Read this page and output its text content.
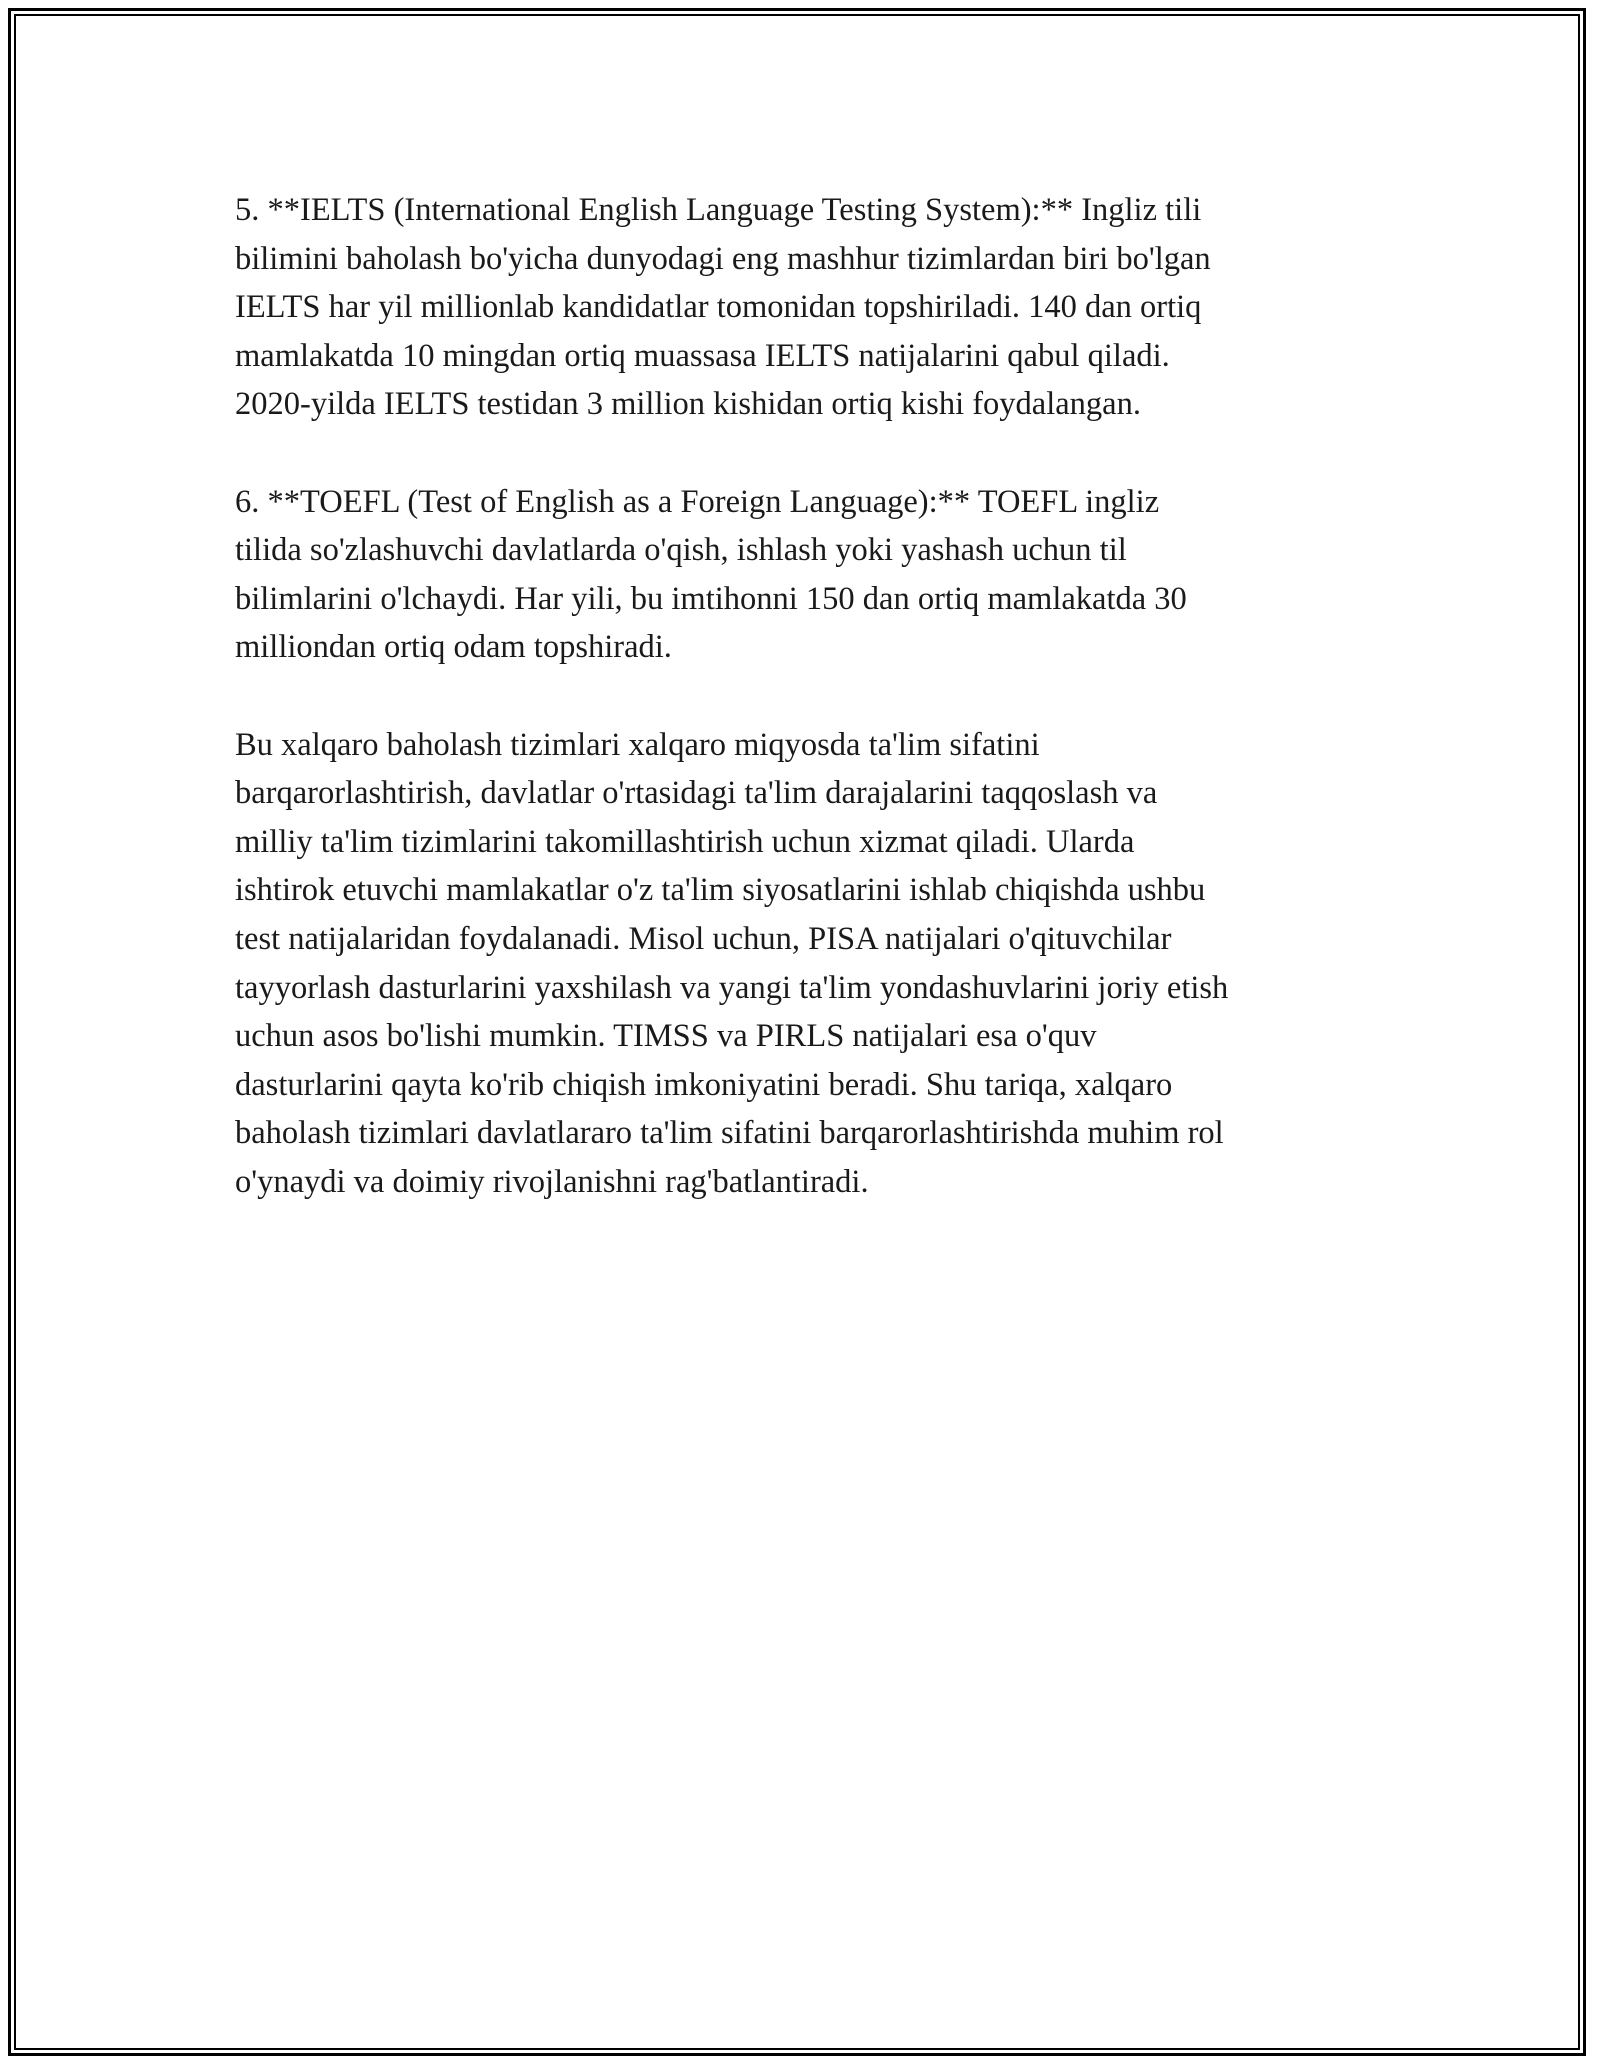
5. **IELTS (International English Language Testing System):** Ingliz tili
bilimini baholash bo'yicha dunyodagi eng mashhur tizimlardan biri bo'lgan
IELTS har yil millionlab kandidatlar tomonidan topshiriladi. 140 dan ortiq
mamlakatda 10 mingdan ortiq muassasa IELTS natijalarini qabul qiladi.
2020-yilda IELTS testidan 3 million kishidan ortiq kishi foydalangan.

6. **TOEFL (Test of English as a Foreign Language):** TOEFL ingliz
tilida so'zlashuvchi davlatlarda o'qish, ishlash yoki yashash uchun til
bilimlarini o'lchaydi. Har yili, bu imtihonni 150 dan ortiq mamlakatda 30
milliondan ortiq odam topshiradi.

Bu xalqaro baholash tizimlari xalqaro miqyosda ta'lim sifatini
barqarorlashtirish, davlatlar o'rtasidagi ta'lim darajalarini taqqoslash va
milliy ta'lim tizimlarini takomillashtirish uchun xizmat qiladi. Ularda
ishtirok etuvchi mamlakatlar o'z ta'lim siyosatlarini ishlab chiqishda ushbu
test natijalaridan foydalanadi. Misol uchun, PISA natijalari o'qituvchilar
tayyorlash dasturlarini yaxshilash va yangi ta'lim yondashuvlarini joriy etish
uchun asos bo'lishi mumkin. TIMSS va PIRLS natijalari esa o'quv
dasturlarini qayta ko'rib chiqish imkoniyatini beradi. Shu tariqa, xalqaro
baholash tizimlari davlatlararo ta'lim sifatini barqarorlashtirishda muhim rol
o'ynaydi va doimiy rivojlanishni rag'batlantiradi.
